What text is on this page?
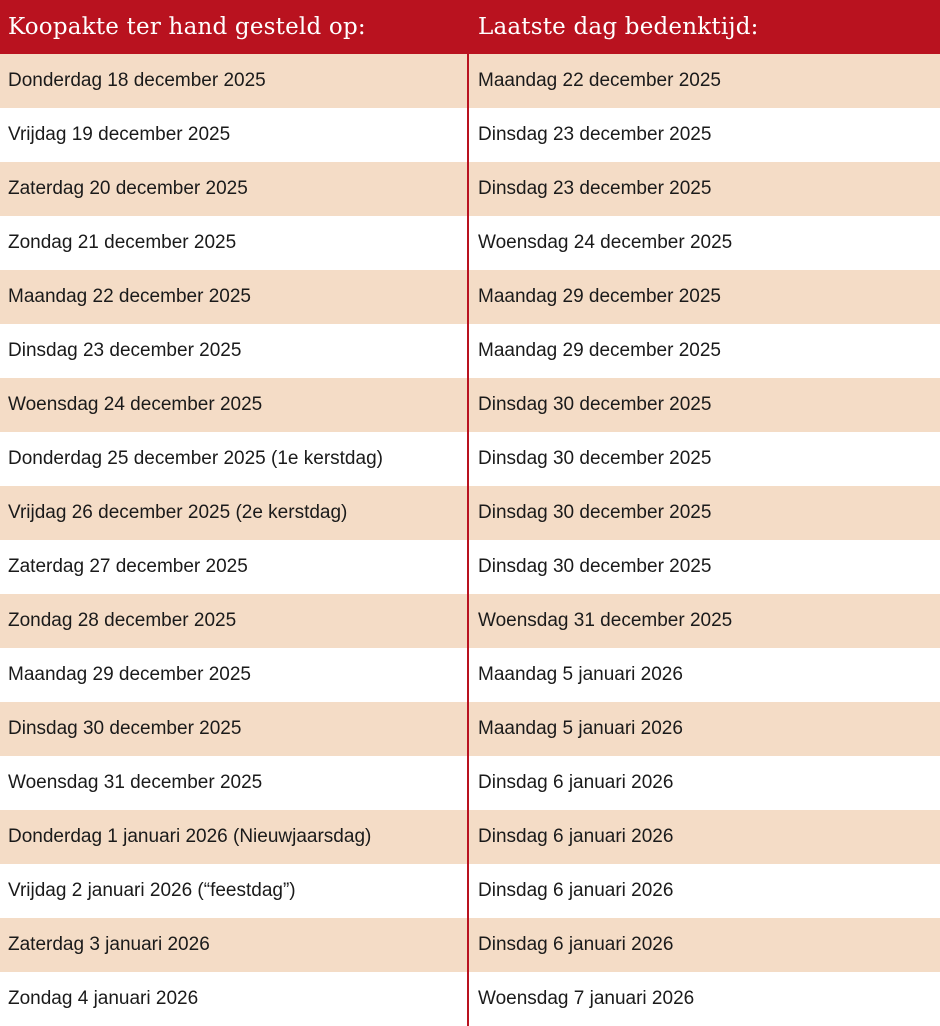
Koopakte ter hand gesteld op:	Laatste dag bedenktijd:
Donderdag 18 december 2025	Maandag 22 december 2025
Vrijdag 19 december 2025	Dinsdag 23 december 2025
Zaterdag 20 december 2025	Dinsdag 23 december 2025
Zondag 21 december 2025	Woensdag 24 december 2025
Maandag 22 december 2025	Maandag 29 december 2025
Dinsdag 23 december 2025	Maandag 29 december 2025
Woensdag 24 december 2025	Dinsdag 30 december 2025
Donderdag 25 december 2025 (1e kerstdag)	Dinsdag 30 december 2025
Vrijdag 26 december 2025 (2e kerstdag)	Dinsdag 30 december 2025
Zaterdag 27 december 2025	Dinsdag 30 december 2025
Zondag 28 december 2025	Woensdag 31 december 2025
Maandag 29 december 2025	Maandag 5 januari 2026
Dinsdag 30 december 2025	Maandag 5 januari 2026
Woensdag 31 december 2025	Dinsdag 6 januari 2026
Donderdag 1 januari 2026 (Nieuwjaarsdag)	Dinsdag 6 januari 2026
Vrijdag 2 januari 2026 (“feestdag”)	Dinsdag 6 januari 2026
Zaterdag 3 januari 2026	Dinsdag 6 januari 2026
Zondag 4 januari 2026	Woensdag 7 januari 2026
